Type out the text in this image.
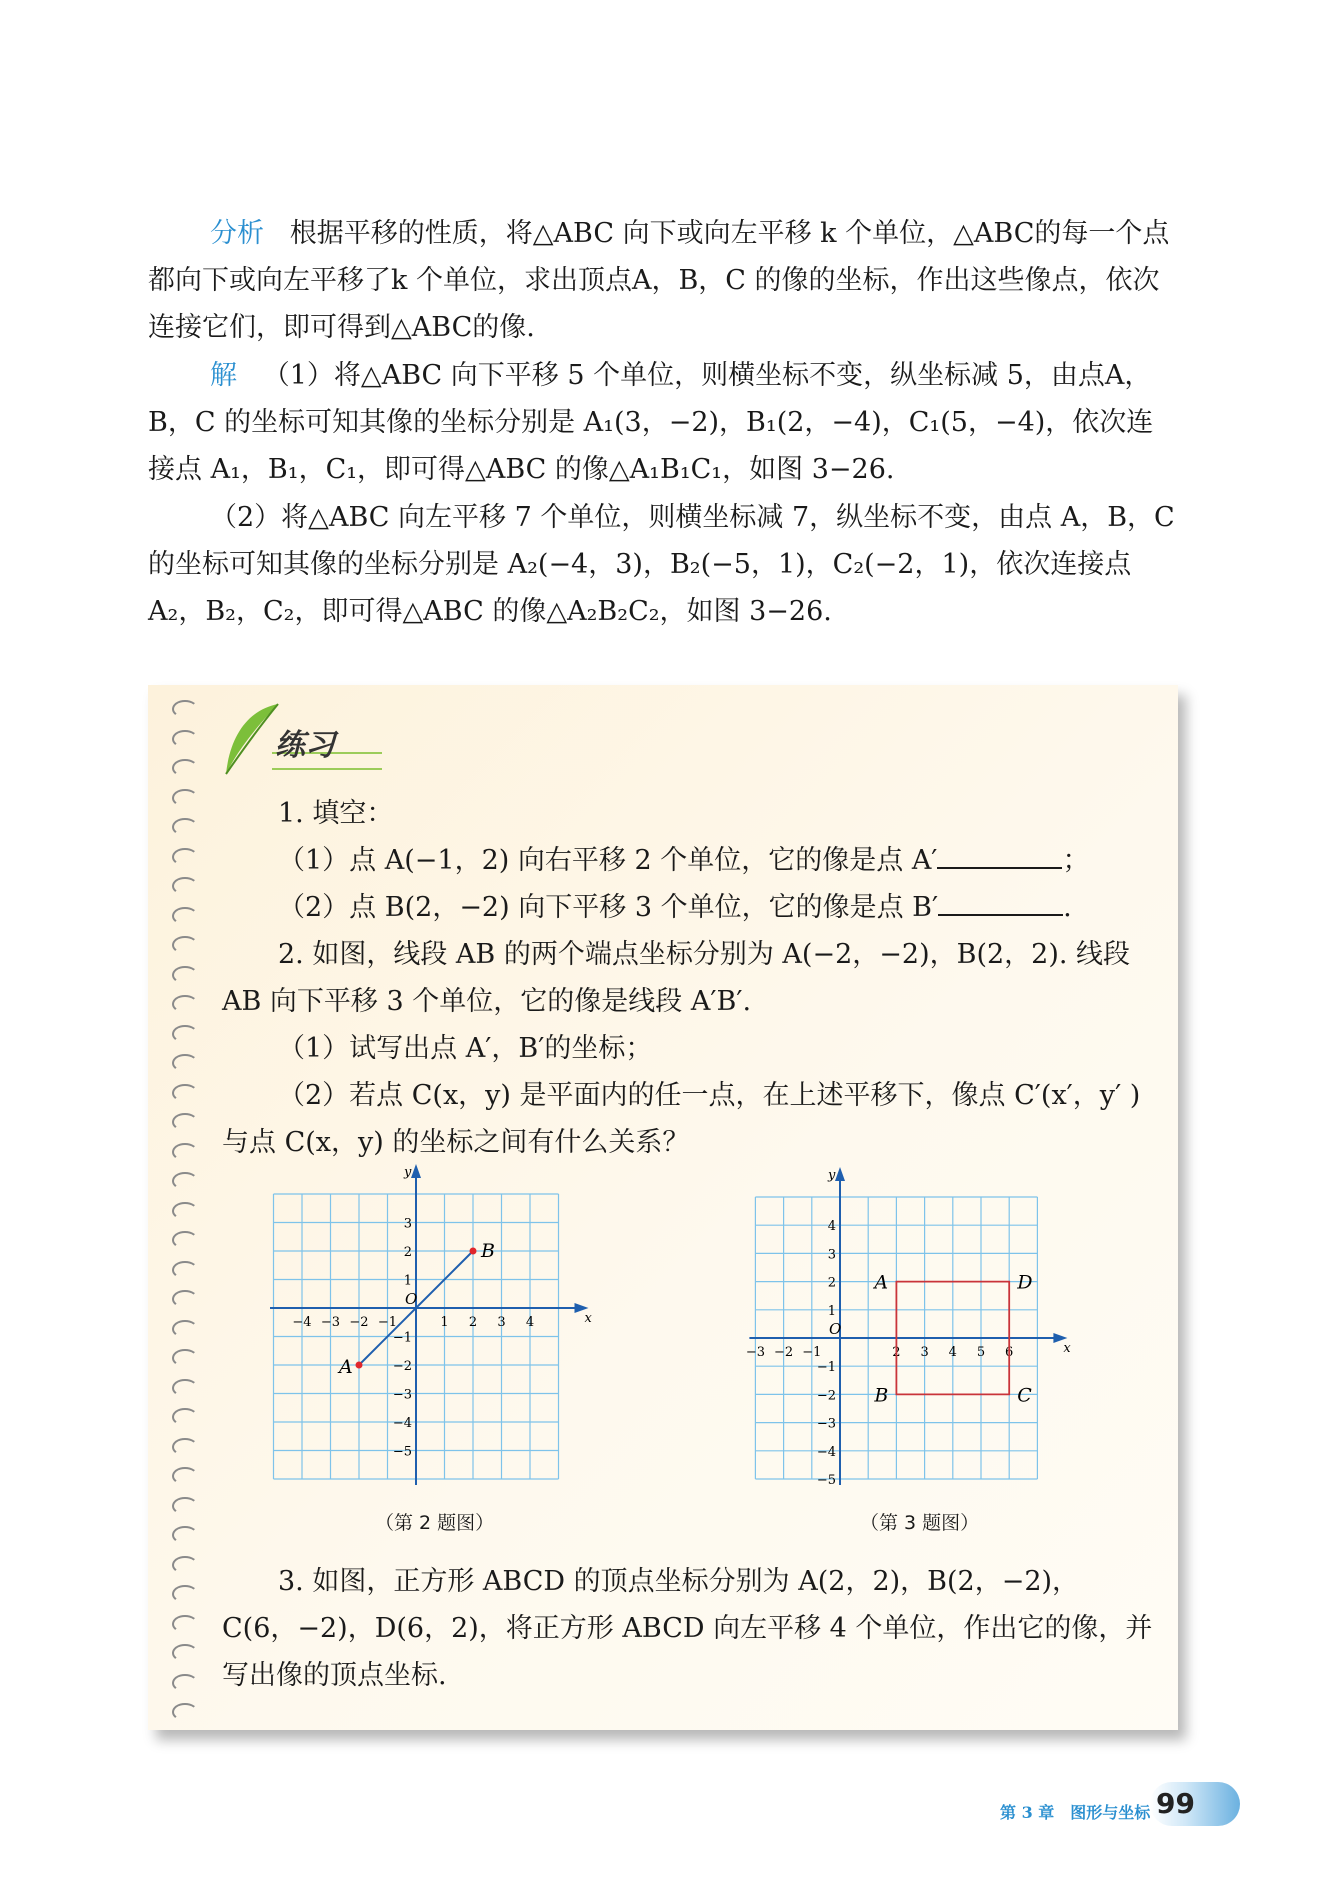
分析 根据平移的性质，将△ABC 向下或向左平移 k 个单位，△ABC的每一个点都向下或向左平移了k 个单位，求出顶点A，B，C 的像的坐标，作出这些像点，依次连接它们，即可得到△ABC的像.
解 （1）将△ABC 向下平移 5 个单位，则横坐标不变，纵坐标减 5，由点A，B，C 的坐标可知其像的坐标分别是 A₁(3，−2)，B₁(2，−4)，C₁(5，−4)，依次连接点 A₁，B₁，C₁，即可得△ABC 的像△A₁B₁C₁，如图 3−26.
（2）将△ABC 向左平移 7 个单位，则横坐标减 7，纵坐标不变，由点 A，B，C 的坐标可知其像的坐标分别是 A₂(−4，3)，B₂(−5，1)，C₂(−2，1)，依次连接点 A₂，B₂，C₂，即可得△ABC 的像△A₂B₂C₂，如图 3−26.
练习
1. 填空：
（1）点 A(−1，2) 向右平移 2 个单位，它的像是点 A′	；
（2）点 B(2，−2) 向下平移 3 个单位，它的像是点 B′	.
2. 如图，线段 AB 的两个端点坐标分别为 A(−2，−2)，B(2，2). 线段 AB 向下平移 3 个单位，它的像是线段 A′B′.
（1）试写出点 A′，B′的坐标；
（2）若点 C(x，y) 是平面内的任一点，在上述平移下，像点 C′(x′，y′ ) 与点 C(x，y) 的坐标之间有什么关系？
x
y
O
−4 −3 −2 −1	1 2 3 4
3
2
1
−1
−2
−3
−4
−5
A
B
（第 2 题图）
x
y
O
−3 −2 −1	2 3 4 5 6
4
3
2
1
−1
−2
−3
−4
−5
A
B	C
D
（第 3 题图）
3. 如图，正方形 ABCD 的顶点坐标分别为 A(2，2)，B(2，−2)，C(6，−2)，D(6，2)，将正方形 ABCD 向左平移 4 个单位，作出它的像，并写出像的顶点坐标.
第 3 章　图形与坐标 99
